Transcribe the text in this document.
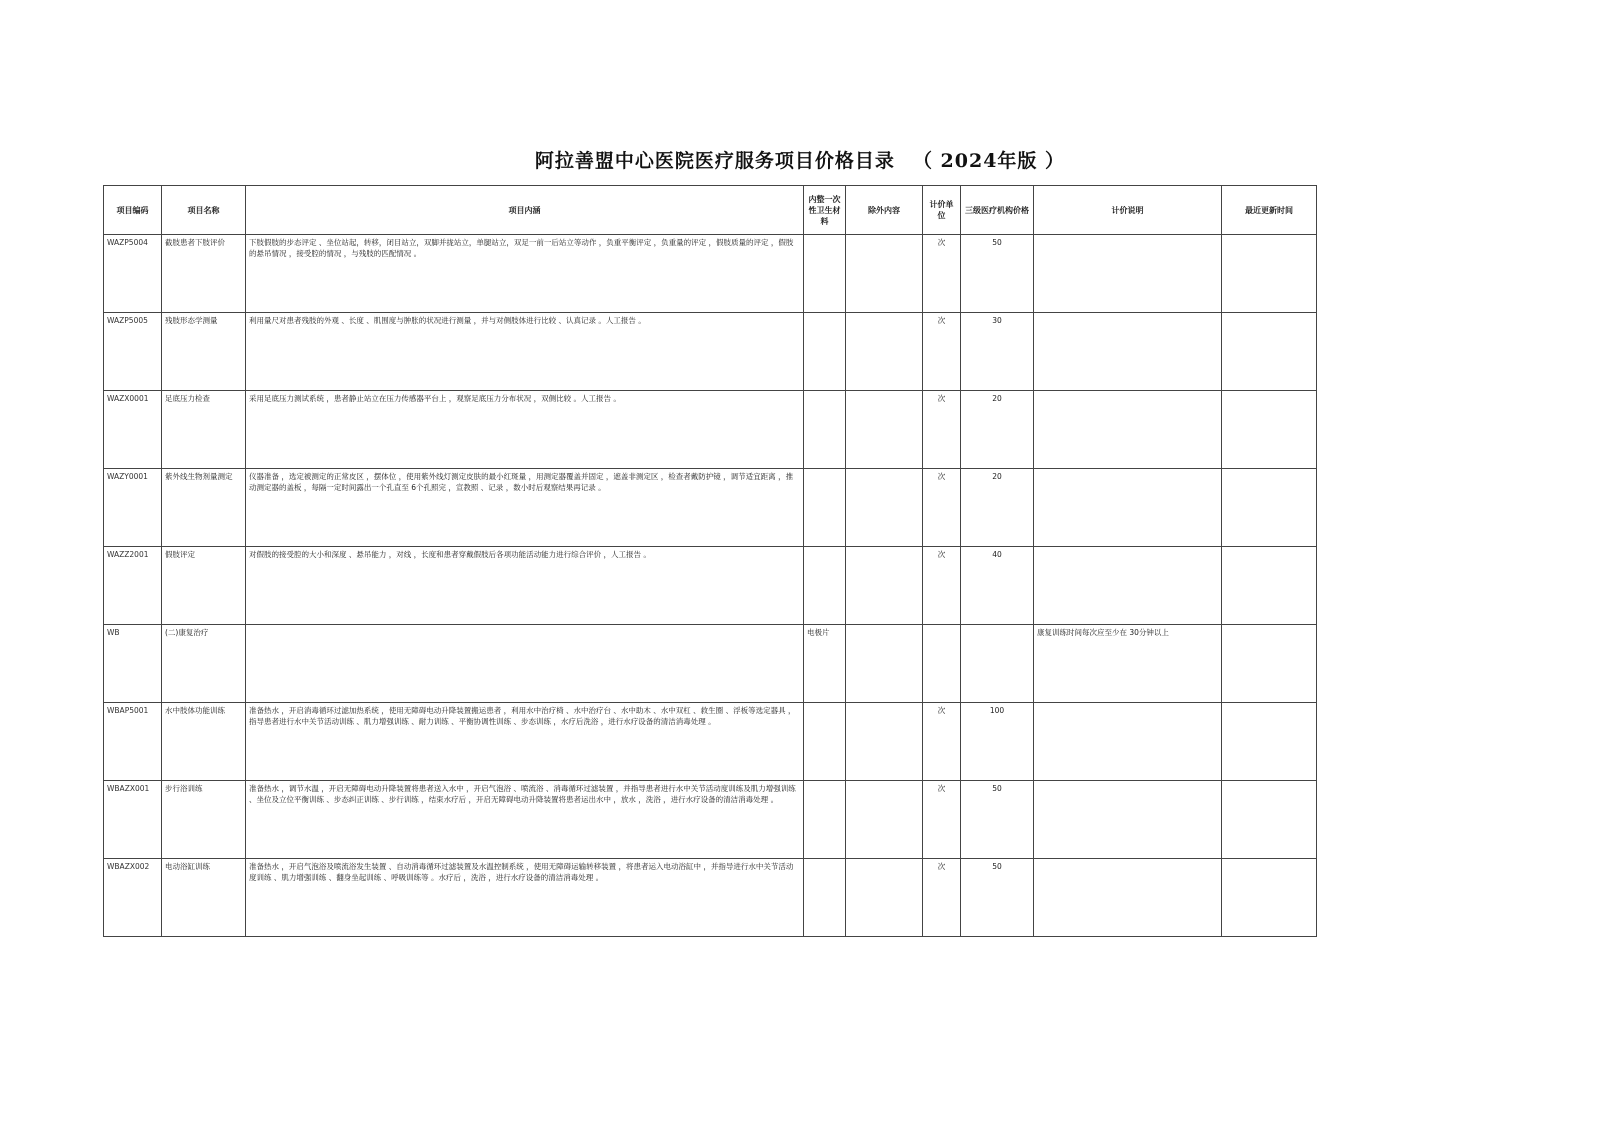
阿拉善盟中心医院医疗服务项目价格目录 （ 2024年版 ）
项目编码	项目名称	项目内涵	内整一次性卫生材料	除外内容	计价单位	三级医疗机构价格	计价说明	最近更新时间
WAZP5004	截肢患者下肢评价	下肢假肢的步态评定 、坐位站起，转移，闭目站立，双脚并拢站立，单腿站立，双足一前一后站立等动作 ，负重平衡评定 ，负重量的评定 ，假肢质量的评定 ，假肢的悬吊情况 ，接受腔的情况 ，与残肢的匹配情况 。			次	50		
WAZP5005	残肢形态学测量	利用量尺对患者残肢的外观 、长度 、肌围度与肿胀的状况进行测量 ，并与对侧肢体进行比较 、认真记录 。人工报告 。			次	30		
WAZX0001	足底压力检查	采用足底压力测试系统 ，患者静止站立在压力传感器平台上 ，观察足底压力分布状况 ，双侧比较 。人工报告 。			次	20		
WAZY0001	紫外线生物剂量测定	仪器准备 ，选定被测定的正常皮区 ，摆体位 ，使用紫外线灯测定皮肤的最小红斑量 ，用测定器覆盖并固定 ，遮盖非测定区 ，检查者戴防护镜 ，调节适宜距离 ，推动测定器的盖板 ，每隔一定时间露出一个孔直至 6个孔照完 ，宣教照 、记录 ，数小时后观察结果再记录 。			次	20		
WAZZ2001	假肢评定	对假肢的接受腔的大小和深度 、悬吊能力 ，对线 ，长度和患者穿戴假肢后各项功能活动能力进行综合评价 ，人工报告 。			次	40		
WB	(二)康复治疗		电极片				康复训练时间每次应至少在 30分钟以上	
WBAP5001	水中肢体功能训练	准备热水 ，开启消毒循环过滤加热系统 ，使用无障碍电动升降装置搬运患者 ，利用水中治疗椅 、水中治疗台 、水中助木 、水中双杠 、救生圈 、浮板等选定器具 ，指导患者进行水中关节活动训练 、肌力增强训练 、耐力训练 、平衡协调性训练 、步态训练 ，水疗后洗浴 ，进行水疗设备的清洁消毒处理 。			次	100		
WBAZX001	步行浴训练	准备热水 ，调节水温 ，开启无障碍电动升降装置将患者送入水中 ，开启气泡浴 、喷流浴 、消毒循环过滤装置 ，并指导患者进行水中关节活动度训练及肌力增强训练 、坐位及立位平衡训练 、步态纠正训练 、步行训练 ，结束水疗后 ，开启无障碍电动升降装置将患者运出水中 ，放水 ，洗浴 ，进行水疗设备的清洁消毒处理 。			次	50		
WBAZX002	电动浴缸训练	准备热水 ，开启气泡浴及喷流浴发生装置 、自动消毒循环过滤装置及水温控制系统 ，使用无障碍运输转移装置 ，将患者运入电动浴缸中 ，并指导进行水中关节活动度训练 、肌力增强训练 、翻身坐起训练 、呼吸训练等 。水疗后 ，洗浴 ，进行水疗设备的清洁消毒处理 。			次	50		
